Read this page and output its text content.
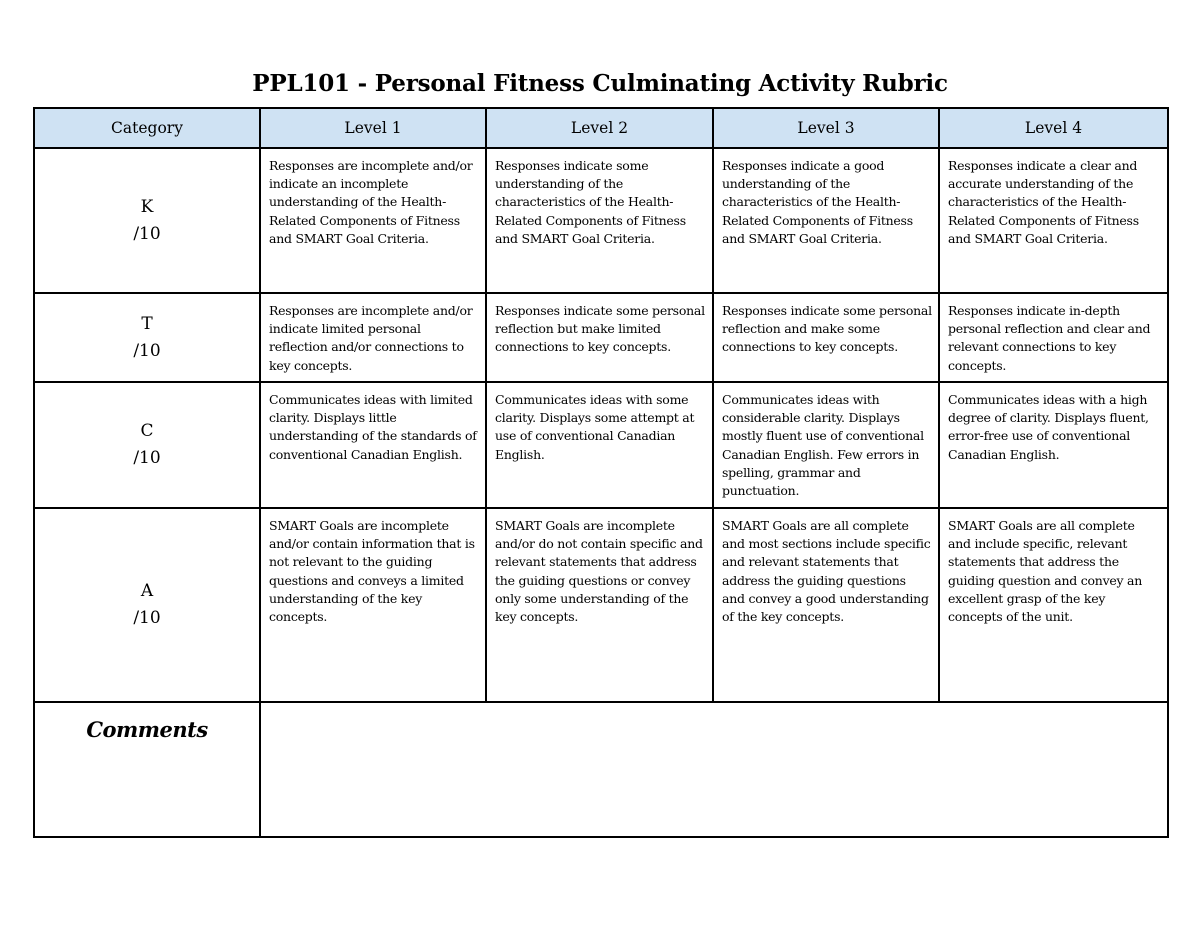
PPL101 - Personal Fitness Culminating Activity Rubric
Category	Level 1	Level 2	Level 3	Level 4

K
/10	Responses are incomplete and/or indicate an incomplete understanding of the Health-Related Components of Fitness and SMART Goal Criteria.	Responses indicate some understanding of the characteristics of the Health-Related Components of Fitness and SMART Goal Criteria.	Responses indicate a good understanding of the characteristics of the Health-Related Components of Fitness and SMART Goal Criteria.	Responses indicate a clear and accurate understanding of the characteristics of the Health-Related Components of Fitness and SMART Goal Criteria.

T
/10	Responses are incomplete and/or indicate limited personal reflection and/or connections to key concepts.	Responses indicate some personal reflection but make limited connections to key concepts.	Responses indicate some personal reflection and make some connections to key concepts.	Responses indicate in-depth personal reflection and clear and relevant connections to key concepts.

C
/10	Communicates ideas with limited clarity. Displays little understanding of the standards of conventional Canadian English.	Communicates ideas with some clarity. Displays some attempt at use of conventional Canadian English.	Communicates ideas with considerable clarity. Displays mostly fluent use of conventional Canadian English. Few errors in spelling, grammar and punctuation.	Communicates ideas with a high degree of clarity. Displays fluent, error-free use of conventional Canadian English.

A
/10	SMART Goals are incomplete and/or contain information that is not relevant to the guiding questions and conveys a limited understanding of the key concepts.	SMART Goals are incomplete and/or do not contain specific and relevant statements that address the guiding questions or convey only some understanding of the key concepts.	SMART Goals are all complete and most sections include specific and relevant statements that address the guiding questions and convey a good understanding of the key concepts.	SMART Goals are all complete and include specific, relevant statements that address the guiding question and convey an excellent grasp of the key concepts of the unit.
Comments				
